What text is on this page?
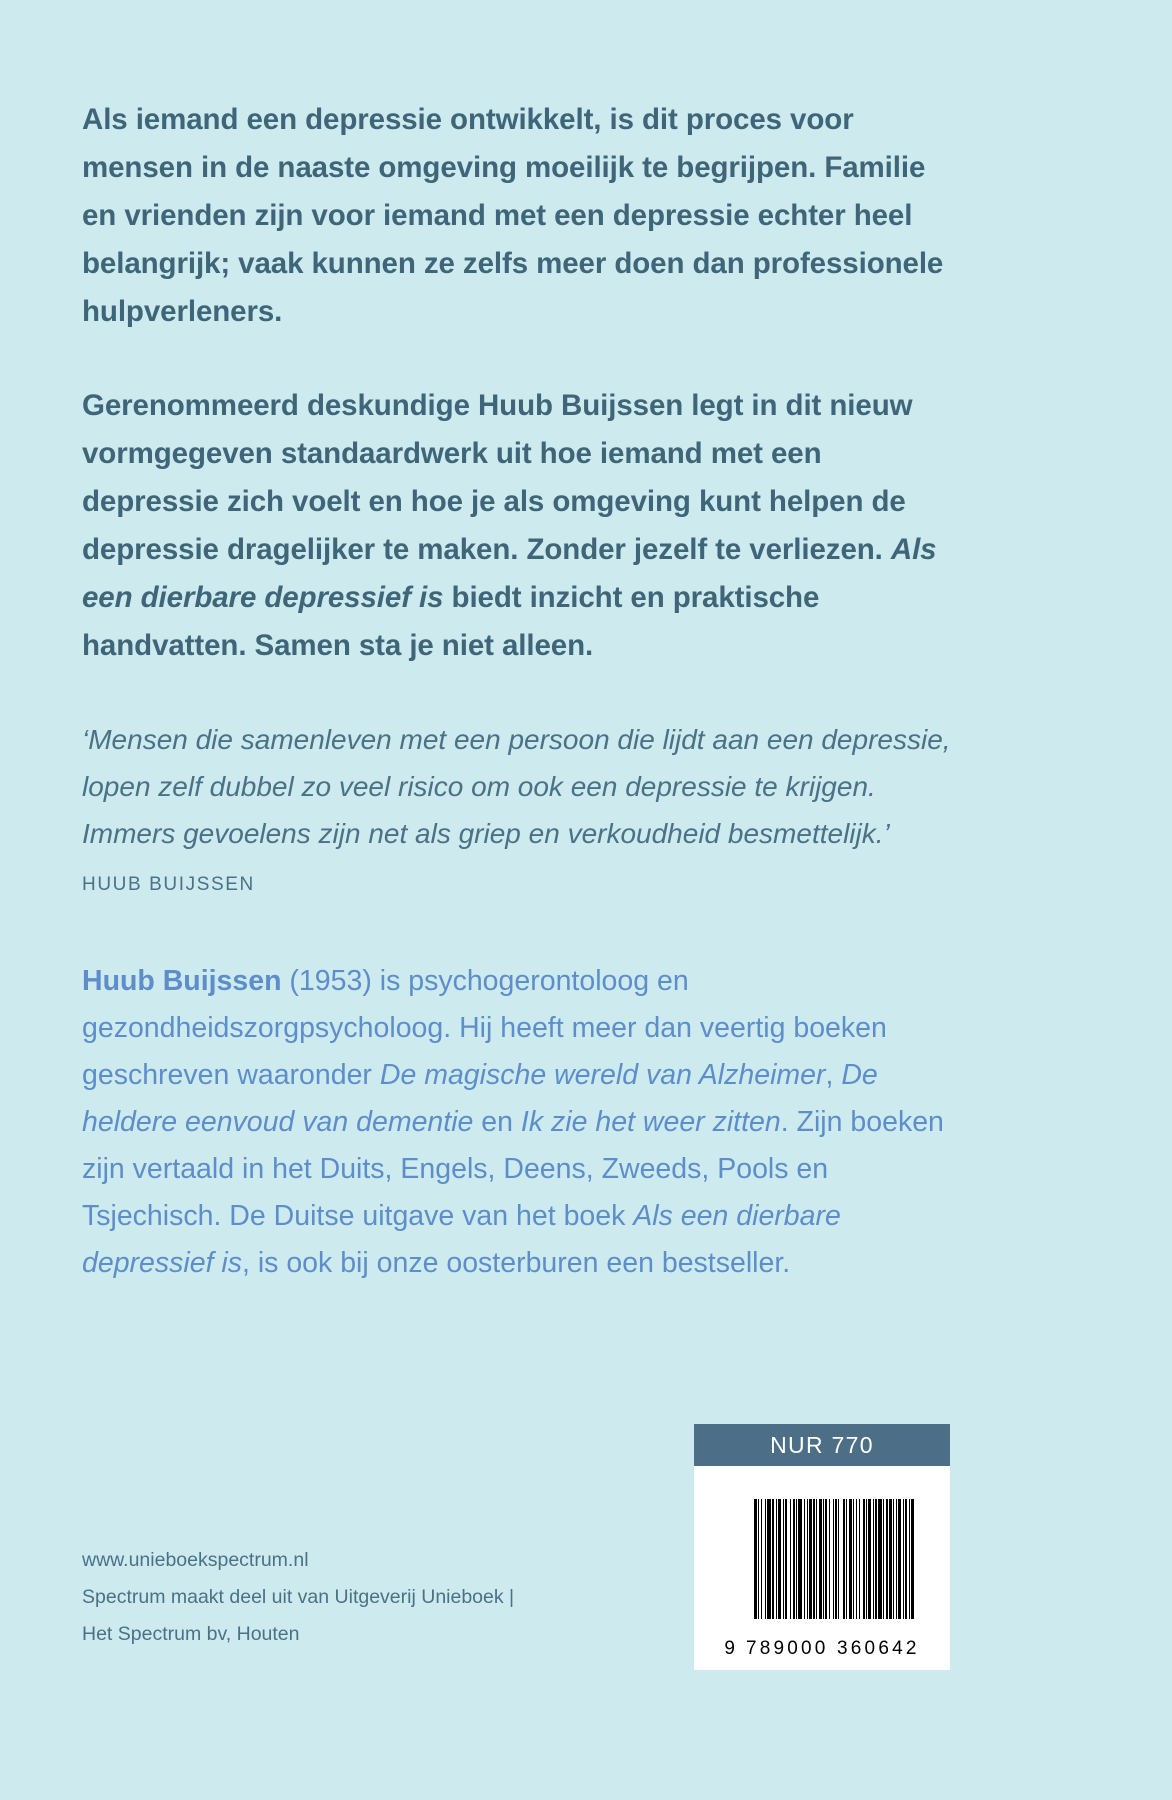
Als iemand een depressie ontwikkelt, is dit proces voor mensen in de naaste omgeving moeilijk te begrijpen. Familie en vrienden zijn voor iemand met een depressie echter heel belangrijk; vaak kunnen ze zelfs meer doen dan professionele hulpverleners.

Gerenommeerd deskundige Huub Buijssen legt in dit nieuw vormgegeven standaardwerk uit hoe iemand met een depressie zich voelt en hoe je als omgeving kunt helpen de depressie dragelijker te maken. Zonder jezelf te verliezen. Als een dierbare depressief is biedt inzicht en praktische handvatten. Samen sta je niet alleen.

‘Mensen die samenleven met een persoon die lijdt aan een depressie, lopen zelf dubbel zo veel risico om ook een depressie te krijgen. Immers gevoelens zijn net als griep en verkoudheid besmettelijk.’ HUUB BUIJSSEN

Huub Buijssen (1953) is psychogerontoloog en gezondheidszorgpsycholoog. Hij heeft meer dan veertig boeken geschreven waaronder De magische wereld van Alzheimer, De heldere eenvoud van dementie en Ik zie het weer zitten. Zijn boeken zijn vertaald in het Duits, Engels, Deens, Zweeds, Pools en Tsjechisch. De Duitse uitgave van het boek Als een dierbare depressief is, is ook bij onze oosterburen een bestseller.

www.unieboekspectrum.nl
Spectrum maakt deel uit van Uitgeverij Unieboek |
Het Spectrum bv, Houten
NUR 770
9 789000 360642
